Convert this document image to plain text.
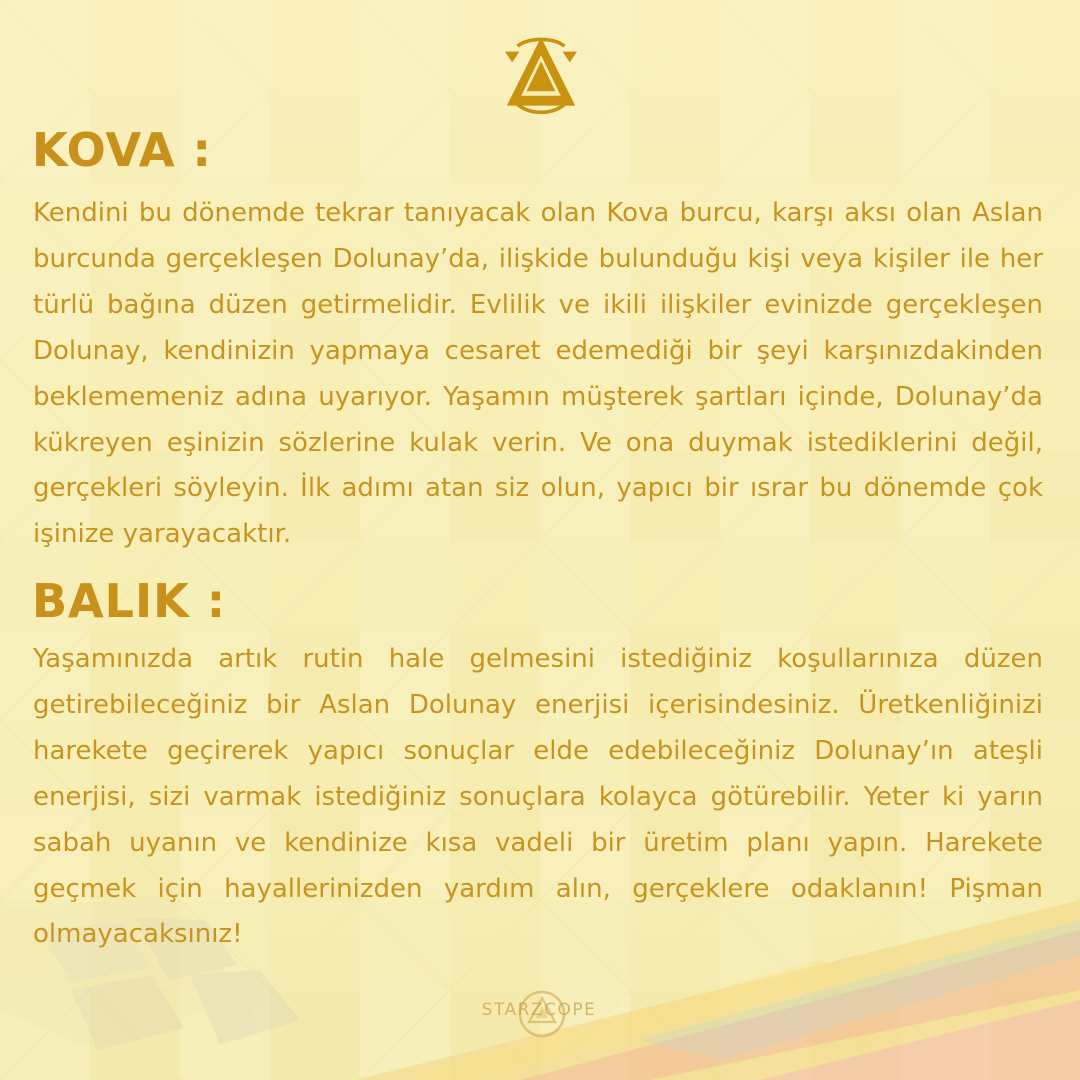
KOVA :

Kendini bu dönemde tekrar tanıyacak olan Kova burcu, karşı aksı olan Aslan burcunda gerçekleşen Dolunay’da, ilişkide bulunduğu kişi veya kişiler ile her türlü bağına düzen getirmelidir. Evlilik ve ikili ilişkiler evinizde gerçekleşen Dolunay, kendinizin yapmaya cesaret edemediği bir şeyi karşınızdakinden beklememeniz adına uyarıyor. Yaşamın müşterek şartları içinde, Dolunay’da kükreyen eşinizin sözlerine kulak verin. Ve ona duymak istediklerini değil, gerçekleri söyleyin. İlk adımı atan siz olun, yapıcı bir ısrar bu dönemde çok işinize yarayacaktır.

BALIK :

Yaşamınızda artık rutin hale gelmesini istediğiniz koşullarınıza düzen getirebileceğiniz bir Aslan Dolunay enerjisi içerisindesiniz. Üretkenliğinizi harekete geçirerek yapıcı sonuçlar elde edebileceğiniz Dolunay’ın ateşli enerjisi, sizi varmak istediğiniz sonuçlara kolayca götürebilir. Yeter ki yarın sabah uyanın ve kendinize kısa vadeli bir üretim planı yapın. Harekete geçmek için hayallerinizden yardım alın, gerçeklere odaklanın! Pişman olmayacaksınız!

STARZCOPE
